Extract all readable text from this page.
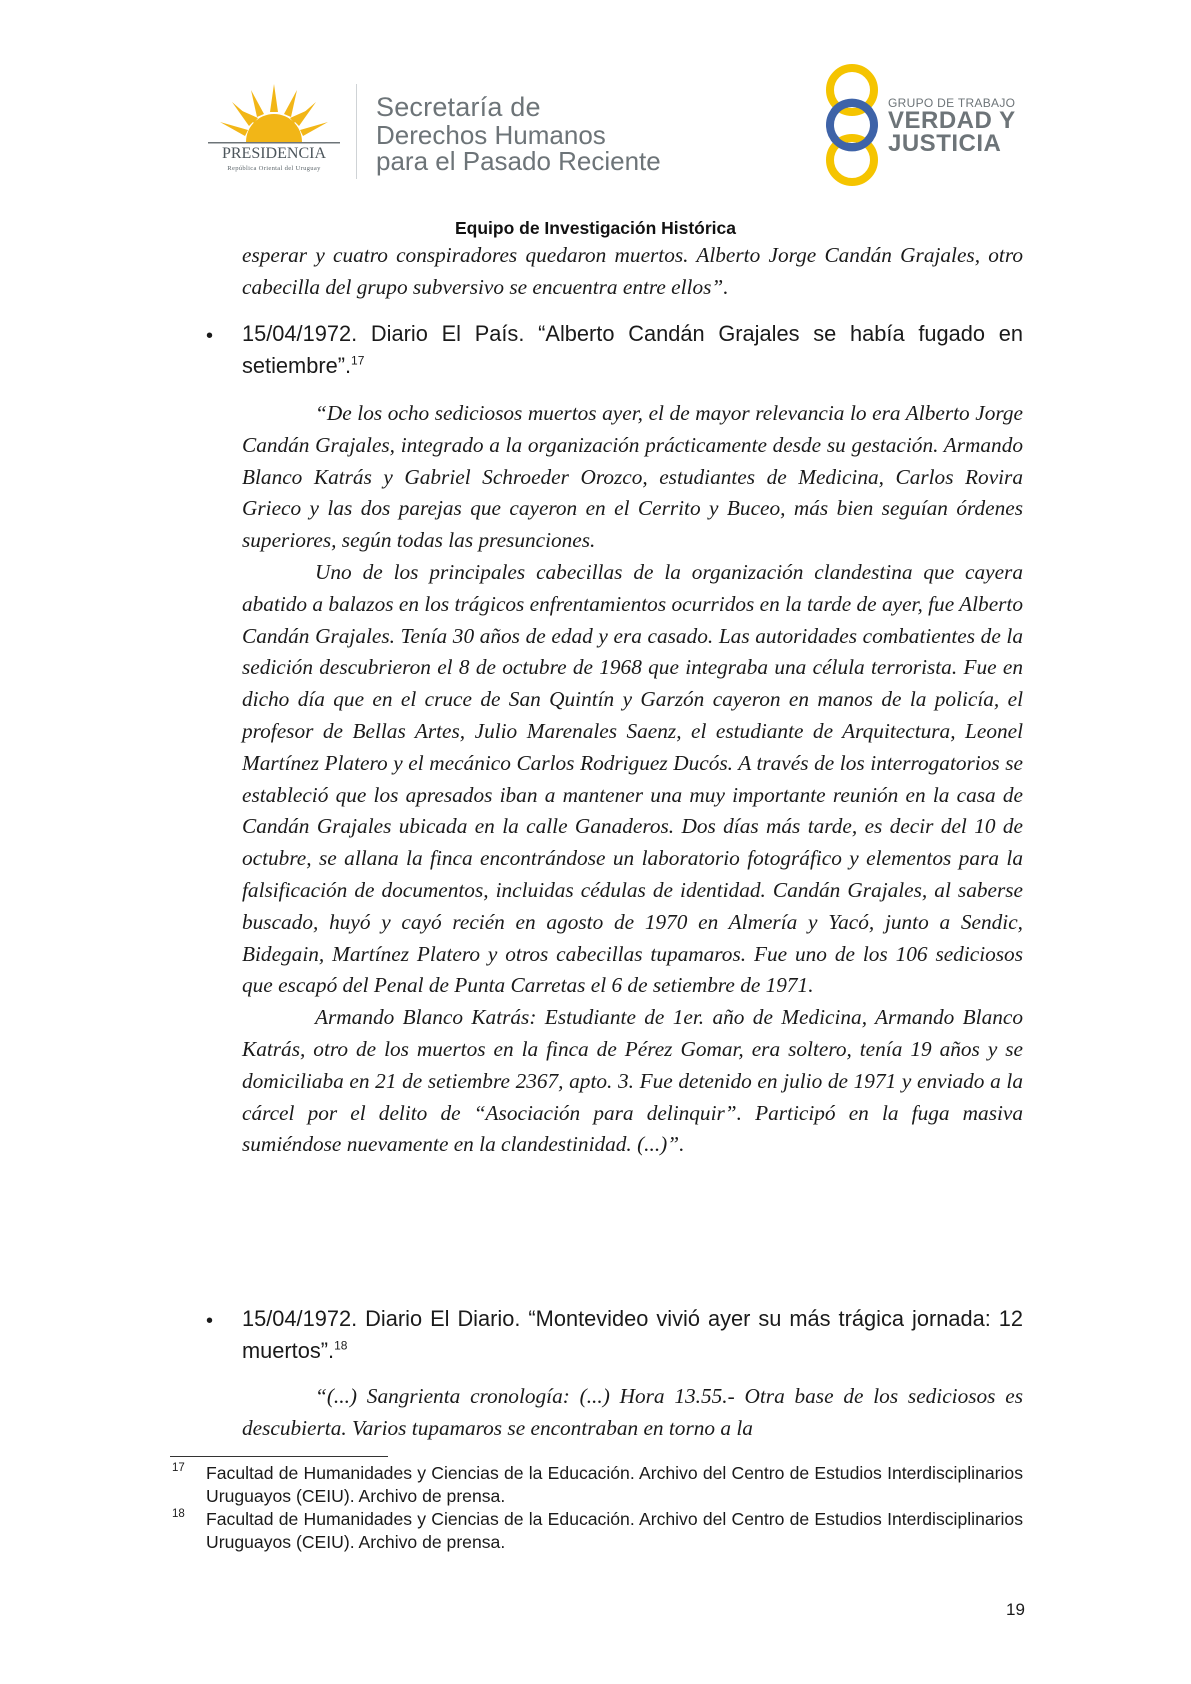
PRESIDENCIA
República Oriental del Uruguay
Secretaría de
Derechos Humanos
para el Pasado Reciente
GRUPO DE TRABAJO
VERDAD Y
JUSTICIA
Equipo de Investigación Histórica
esperar y cuatro conspiradores quedaron muertos. Alberto Jorge Candán Grajales, otro cabecilla del grupo subversivo se encuentra entre ellos”.
• 15/04/1972. Diario El País. “Alberto Candán Grajales se había fugado en setiembre”.$^{17}$
“De los ocho sediciosos muertos ayer, el de mayor relevancia lo era Alberto Jorge Candán Grajales, integrado a la organización prácticamente desde su gestación. Armando Blanco Katrás y Gabriel Schroeder Orozco, estudiantes de Medicina, Carlos Rovira Grieco y las dos parejas que cayeron en el Cerrito y Buceo, más bien seguían órdenes superiores, según todas las presunciones.
Uno de los principales cabecillas de la organización clandestina que cayera abatido a balazos en los trágicos enfrentamientos ocurridos en la tarde de ayer, fue Alberto Candán Grajales. Tenía 30 años de edad y era casado. Las autoridades combatientes de la sedición descubrieron el 8 de octubre de 1968 que integraba una célula terrorista. Fue en dicho día que en el cruce de San Quintín y Garzón cayeron en manos de la policía, el profesor de Bellas Artes, Julio Marenales Saenz, el estudiante de Arquitectura, Leonel Martínez Platero y el mecánico Carlos Rodriguez Ducós. A través de los interrogatorios se estableció que los apresados iban a mantener una muy importante reunión en la casa de Candán Grajales ubicada en la calle Ganaderos. Dos días más tarde, es decir del 10 de octubre, se allana la finca encontrándose un laboratorio fotográfico y elementos para la falsificación de documentos, incluidas cédulas de identidad. Candán Grajales, al saberse buscado, huyó y cayó recién en agosto de 1970 en Almería y Yacó, junto a Sendic, Bidegain, Martínez Platero y otros cabecillas tupamaros. Fue uno de los 106 sediciosos que escapó del Penal de Punta Carretas el 6 de setiembre de 1971.
Armando Blanco Katrás: Estudiante de 1er. año de Medicina, Armando Blanco Katrás, otro de los muertos en la finca de Pérez Gomar, era soltero, tenía 19 años y se domiciliaba en 21 de setiembre 2367, apto. 3. Fue detenido en julio de 1971 y enviado a la cárcel por el delito de “Asociación para delinquir”. Participó en la fuga masiva sumiéndose nuevamente en la clandestinidad. (...)”.
• 15/04/1972. Diario El Diario. “Montevideo vivió ayer su más trágica jornada: 12 muertos”.$^{18}$
“(...) Sangrienta cronología: (...) Hora 13.55.- Otra base de los sediciosos es descubierta. Varios tupamaros se encontraban en torno a la
17 Facultad de Humanidades y Ciencias de la Educación. Archivo del Centro de Estudios Interdisciplinarios Uruguayos (CEIU). Archivo de prensa.
18 Facultad de Humanidades y Ciencias de la Educación. Archivo del Centro de Estudios Interdisciplinarios Uruguayos (CEIU). Archivo de prensa.
19
